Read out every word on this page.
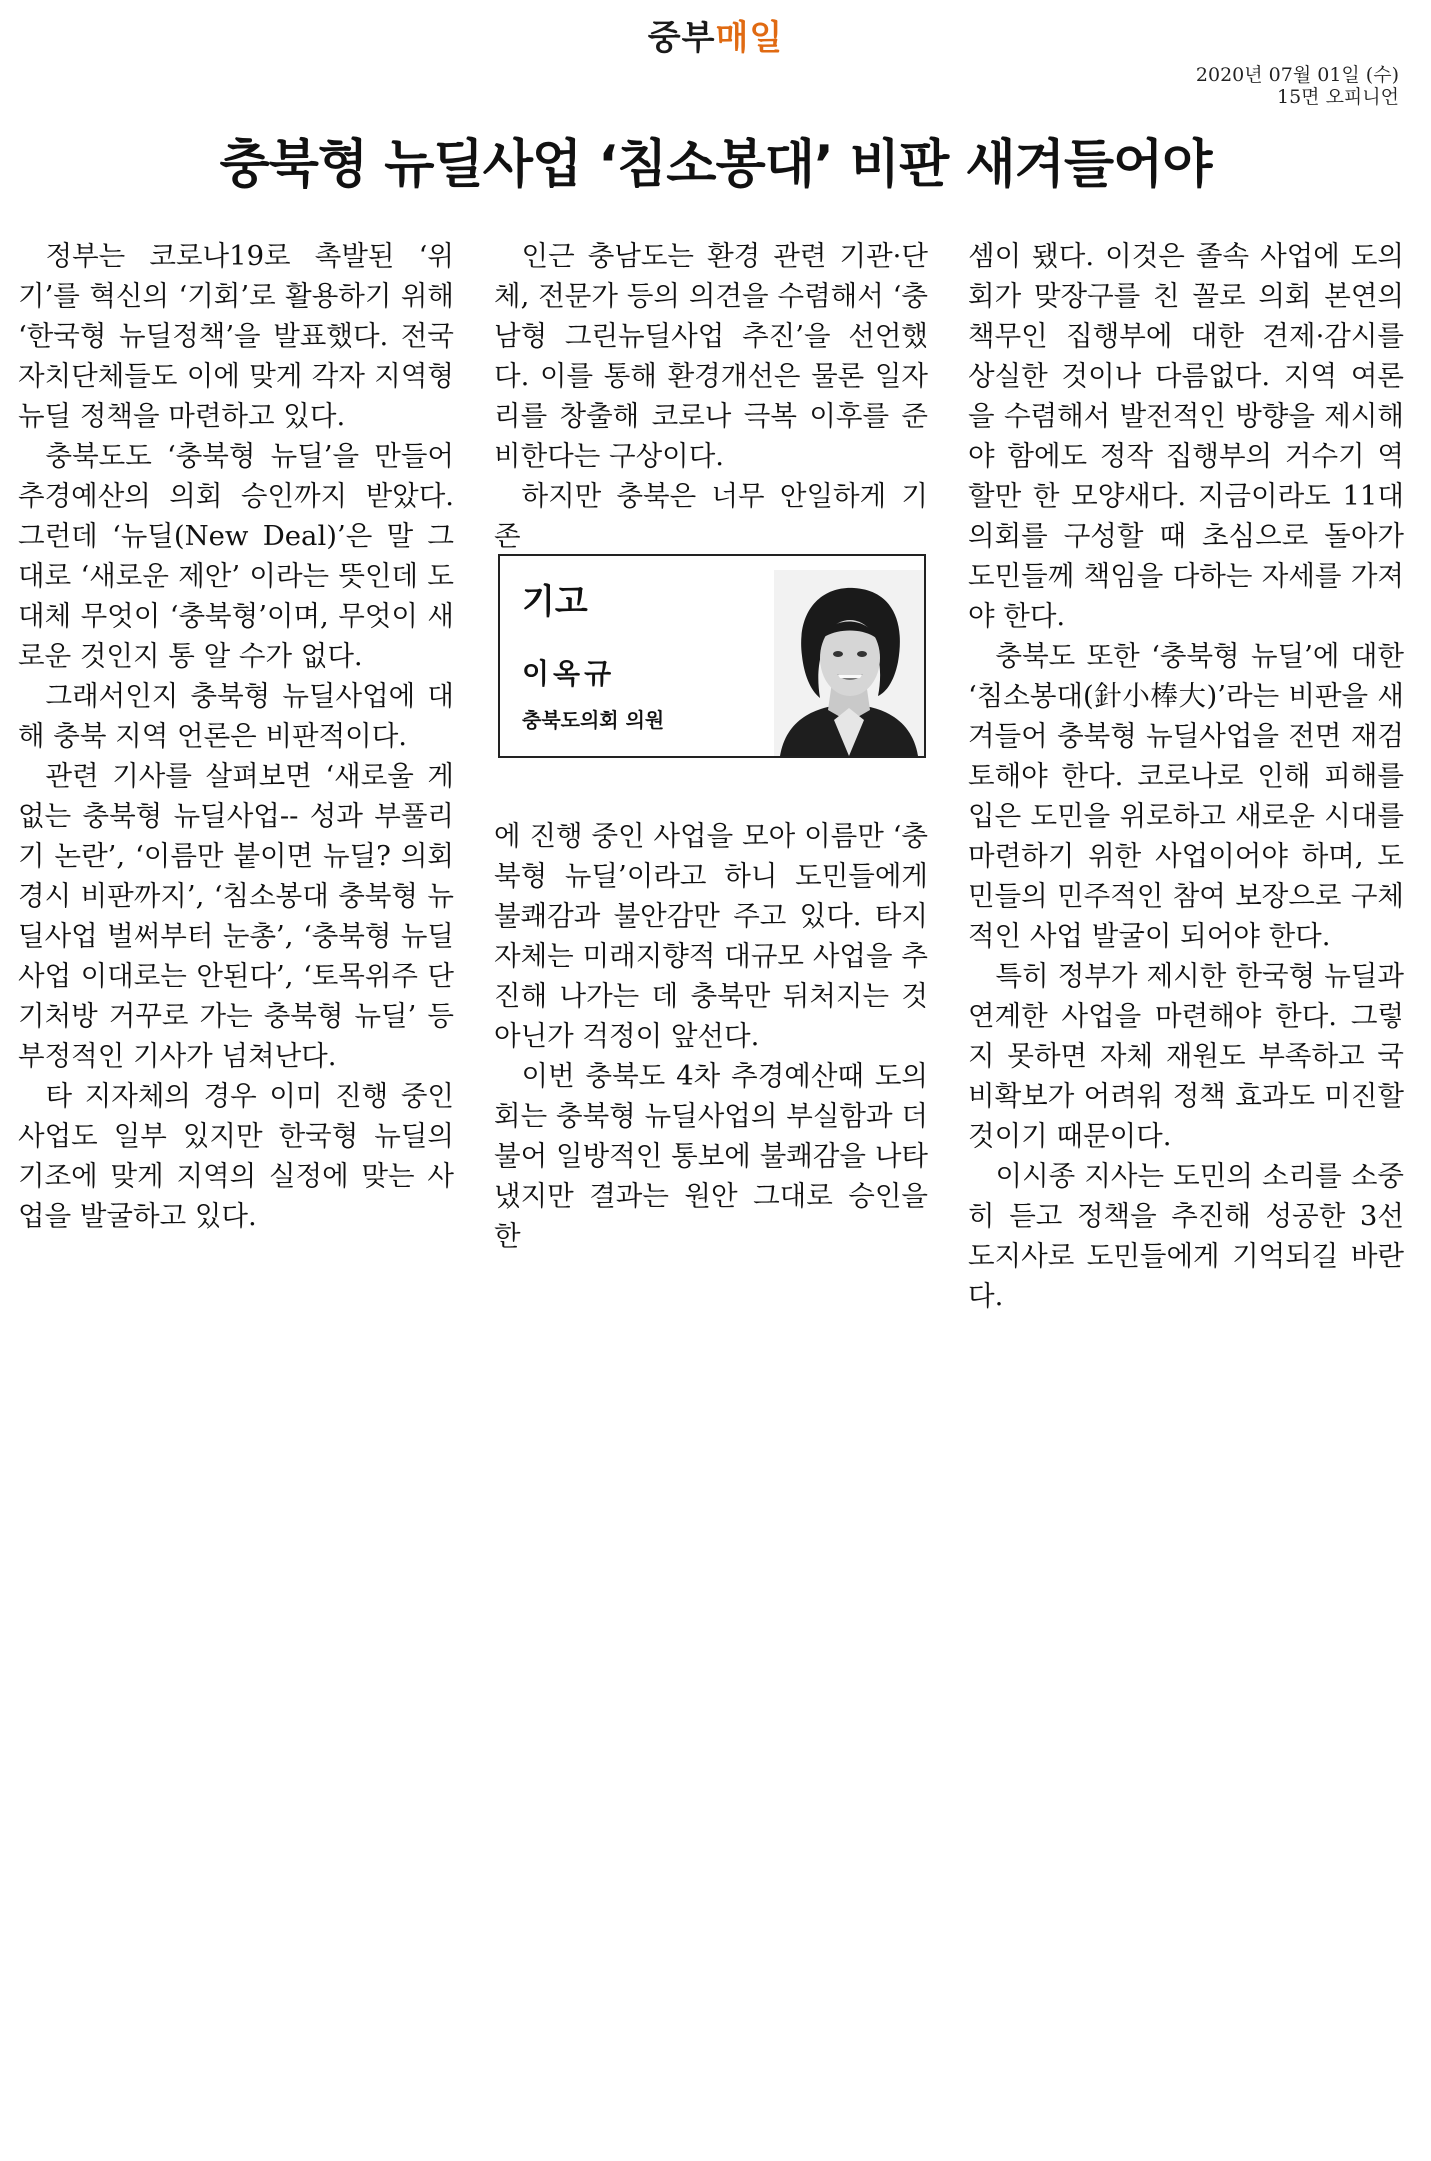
중부매일
2020년 07월 01일 (수)
15면 오피니언
충북형 뉴딜사업 ‘침소봉대’ 비판 새겨들어야

정부는 코로나19로 촉발된 ‘위기’를 혁신의 ‘기회’로 활용하기 위해 ‘한국형 뉴딜정책’을 발표했다. 전국 자치단체들도 이에 맞게 각자 지역형 뉴딜 정책을 마련하고 있다.

충북도도 ‘충북형 뉴딜’을 만들어 추경예산의 의회 승인까지 받았다. 그런데 ‘뉴딜(New Deal)’은 말 그대로 ‘새로운 제안’ 이라는 뜻인데 도대체 무엇이 ‘충북형’이며, 무엇이 새로운 것인지 통 알 수가 없다.

그래서인지 충북형 뉴딜사업에 대해 충북 지역 언론은 비판적이다.

관련 기사를 살펴보면 ‘새로울 게 없는 충북형 뉴딜사업-- 성과 부풀리기 논란’, ‘이름만 붙이면 뉴딜? 의회 경시 비판까지’, ‘침소봉대 충북형 뉴딜사업 벌써부터 눈총’, ‘충북형 뉴딜사업 이대로는 안된다’, ‘토목위주 단기처방 거꾸로 가는 충북형 뉴딜’ 등 부정적인 기사가 넘쳐난다.

타 지자체의 경우 이미 진행 중인 사업도 일부 있지만 한국형 뉴딜의 기조에 맞게 지역의 실정에 맞는 사업을 발굴하고 있다.

인근 충남도는 환경 관련 기관·단체, 전문가 등의 의견을 수렴해서 ‘충남형 그린뉴딜사업 추진’을 선언했다. 이를 통해 환경개선은 물론 일자리를 창출해 코로나 극복 이후를 준비한다는 구상이다.

하지만 충북은 너무 안일하게 기존

기고
이옥규
충북도의회 의원

에 진행 중인 사업을 모아 이름만 ‘충북형 뉴딜’이라고 하니 도민들에게 불쾌감과 불안감만 주고 있다. 타지자체는 미래지향적 대규모 사업을 추진해 나가는 데 충북만 뒤처지는 것 아닌가 걱정이 앞선다.

이번 충북도 4차 추경예산때 도의회는 충북형 뉴딜사업의 부실함과 더불어 일방적인 통보에 불쾌감을 나타냈지만 결과는 원안 그대로 승인을 한

셈이 됐다. 이것은 졸속 사업에 도의회가 맞장구를 친 꼴로 의회 본연의 책무인 집행부에 대한 견제·감시를 상실한 것이나 다름없다. 지역 여론을 수렴해서 발전적인 방향을 제시해야 함에도 정작 집행부의 거수기 역할만 한 모양새다. 지금이라도 11대 의회를 구성할 때 초심으로 돌아가 도민들께 책임을 다하는 자세를 가져야 한다.

충북도 또한 ‘충북형 뉴딜’에 대한 ‘침소봉대(針小棒大)’라는 비판을 새겨들어 충북형 뉴딜사업을 전면 재검토해야 한다. 코로나로 인해 피해를 입은 도민을 위로하고 새로운 시대를 마련하기 위한 사업이어야 하며, 도민들의 민주적인 참여 보장으로 구체적인 사업 발굴이 되어야 한다.

특히 정부가 제시한 한국형 뉴딜과 연계한 사업을 마련해야 한다. 그렇지 못하면 자체 재원도 부족하고 국비확보가 어려워 정책 효과도 미진할 것이기 때문이다.

이시종 지사는 도민의 소리를 소중히 듣고 정책을 추진해 성공한 3선 도지사로 도민들에게 기억되길 바란다.
